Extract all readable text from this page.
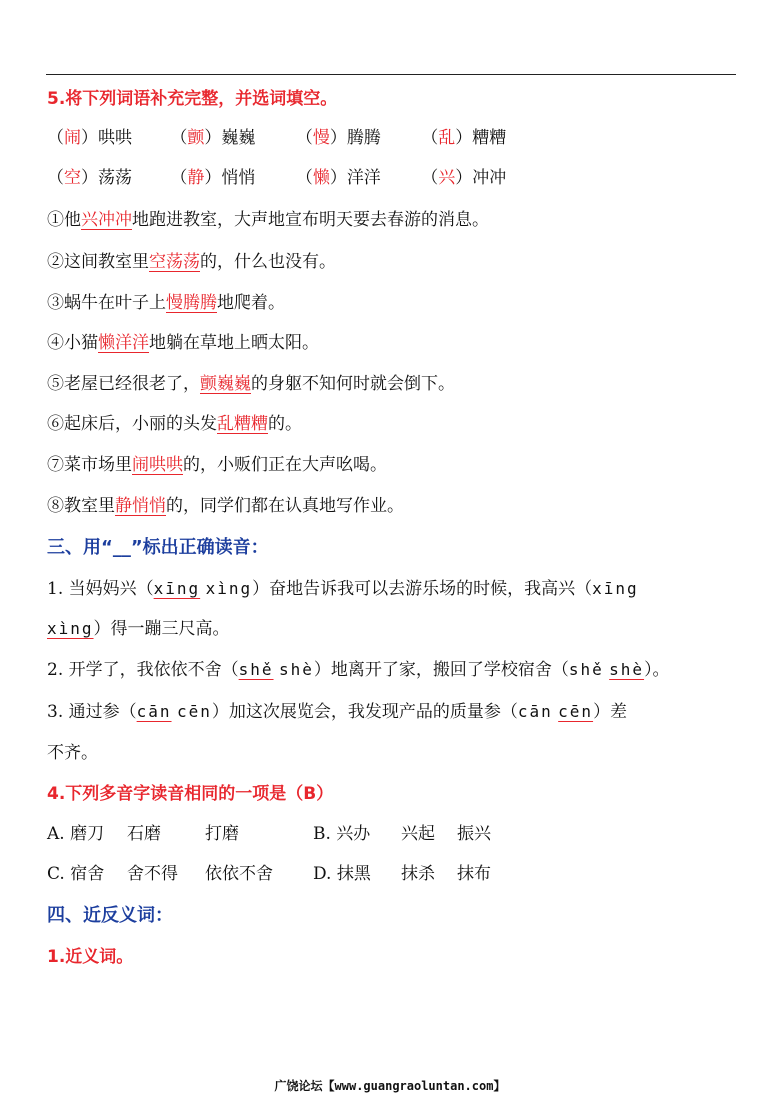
5.将下列词语补充完整，并选词填空。
（闹）哄哄 （颤）巍巍 （慢）腾腾 （乱）糟糟
（空）荡荡 （静）悄悄 （懒）洋洋 （兴）冲冲
①他兴冲冲地跑进教室，大声地宣布明天要去春游的消息。
②这间教室里空荡荡的，什么也没有。
③蜗牛在叶子上慢腾腾地爬着。
④小猫懒洋洋地躺在草地上晒太阳。
⑤老屋已经很老了，颤巍巍的身躯不知何时就会倒下。
⑥起床后，小丽的头发乱糟糟的。
⑦菜市场里闹哄哄的，小贩们正在大声吆喝。
⑧教室里静悄悄的，同学们都在认真地写作业。
三、用“__”标出正确读音：
1. 当妈妈兴（xīng xìng）奋地告诉我可以去游乐场的时候，我高兴（xīng
xìng）得一蹦三尺高。
2. 开学了，我依依不舍（shě shè）地离开了家，搬回了学校宿舍（shě shè）。
3. 通过参（cān cēn）加这次展览会，我发现产品的质量参（cān cēn）差
不齐。
4.下列多音字读音相同的一项是（B）
A. 磨刀 石磨	打磨	B. 兴办 兴起 振兴
C. 宿舍 舍不得 依依不舍 D. 抹黑 抹杀 抹布
四、近反义词：
1.近义词。
广饶论坛【www.guangraoluntan.com】
